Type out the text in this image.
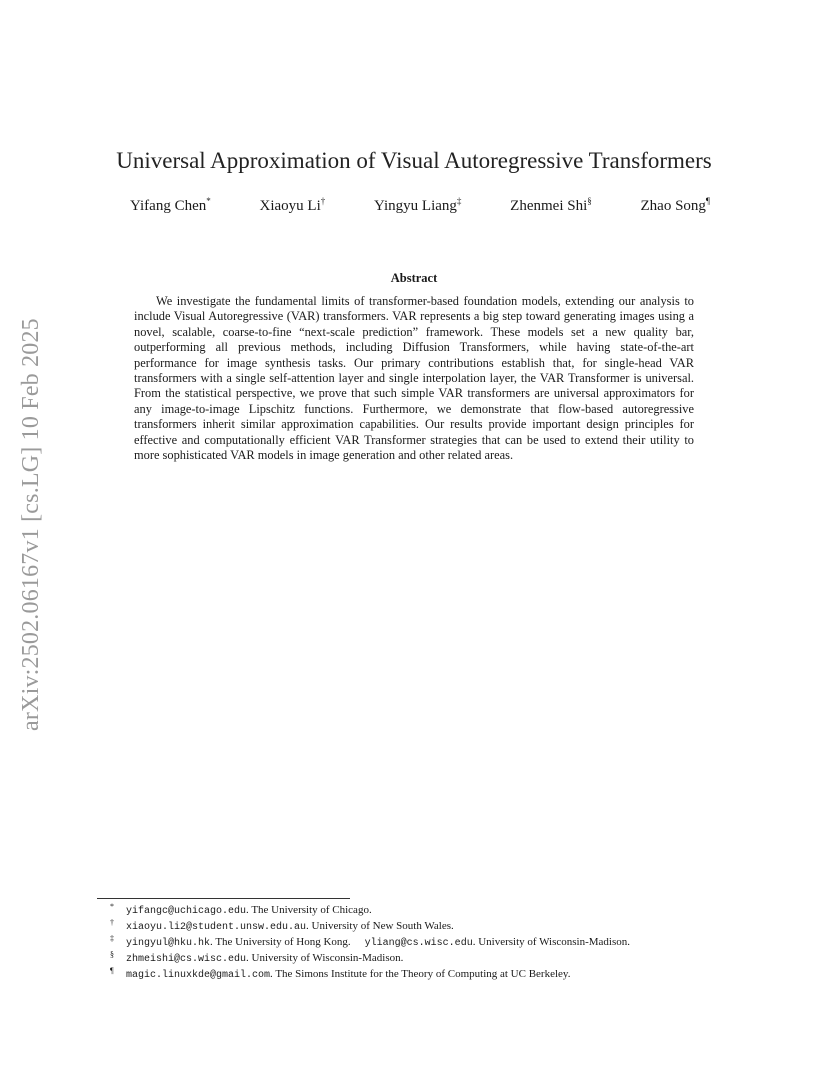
arXiv:2502.06167v1 [cs.LG] 10 Feb 2025
Universal Approximation of Visual Autoregressive Transformers
Yifang Chen*	Xiaoyu Li†	Yingyu Liang‡	Zhenmei Shi§	Zhao Song¶
Abstract
We investigate the fundamental limits of transformer-based foundation models, extending our analysis to include Visual Autoregressive (VAR) transformers. VAR represents a big step toward generating images using a novel, scalable, coarse-to-fine “next-scale prediction” framework. These models set a new quality bar, outperforming all previous methods, including Diffusion Transformers, while having state-of-the-art performance for image synthesis tasks. Our primary contributions establish that, for single-head VAR transformers with a single self-attention layer and single interpolation layer, the VAR Transformer is universal. From the statistical perspective, we prove that such simple VAR transformers are universal approximators for any image-to-image Lipschitz functions. Furthermore, we demonstrate that flow-based autoregressive transformers inherit similar approximation capabilities. Our results provide important design principles for effective and computationally efficient VAR Transformer strategies that can be used to extend their utility to more sophisticated VAR models in image generation and other related areas.
* yifangc@uchicago.edu. The University of Chicago.
† xiaoyu.li2@student.unsw.edu.au. University of New South Wales.
‡ yingyul@hku.hk. The University of Hong Kong. yliang@cs.wisc.edu. University of Wisconsin-Madison.
§ zhmeishi@cs.wisc.edu. University of Wisconsin-Madison.
¶ magic.linuxkde@gmail.com. The Simons Institute for the Theory of Computing at UC Berkeley.
